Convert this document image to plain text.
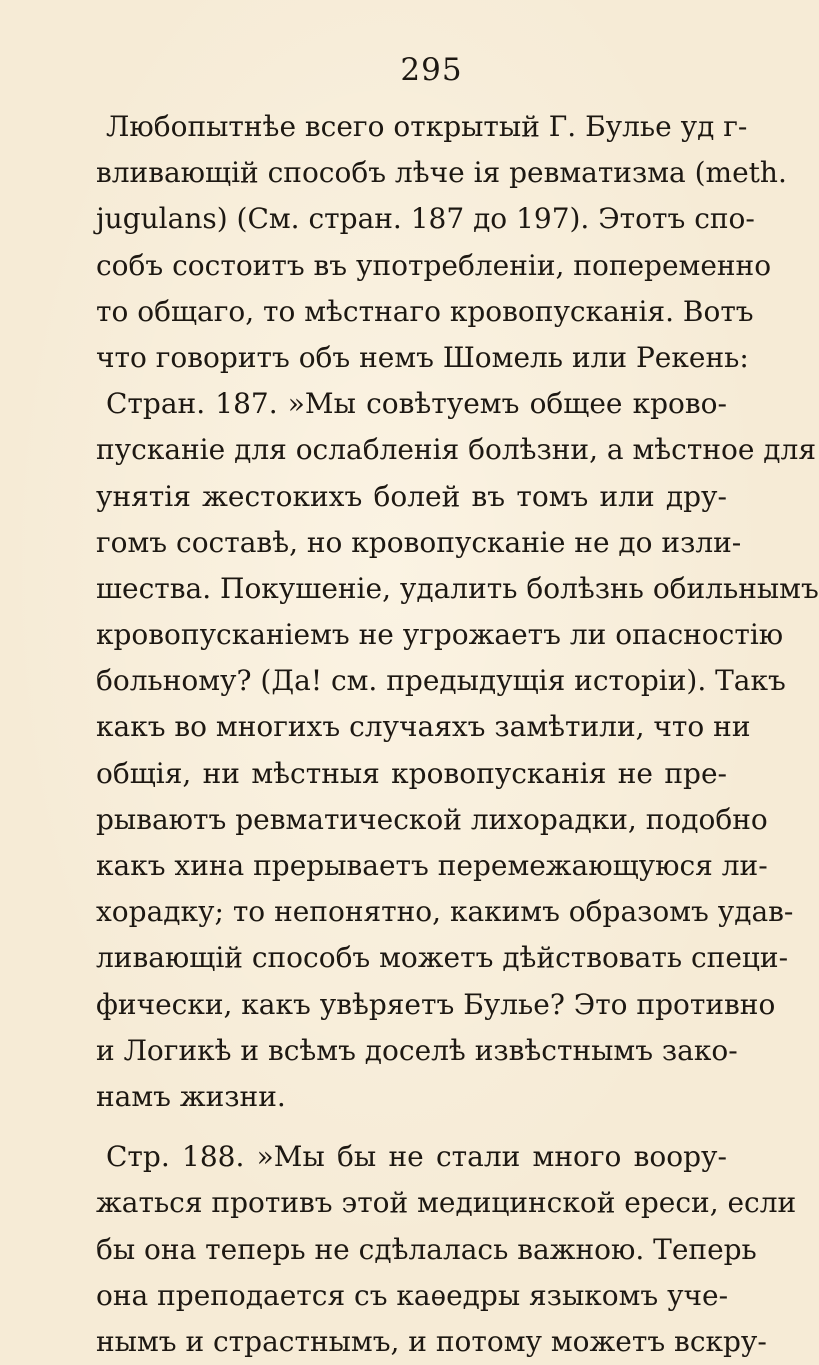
295
Любопытнѣе всего открытый Г. Булье уд г-
вливающій способъ лѣче ія ревматизма (meth.
jugulans) (См. стран. 187 до 197). Этотъ спо-
собъ состоитъ въ употребленіи, попеременно
то общаго, то мѣстнаго кровопусканія. Вотъ
что говоритъ объ немъ Шомель или Рекень:
Стран. 187. »Мы совѣтуемъ общее крово-
пусканіе для ослабленія болѣзни, а мѣстное для
унятія жестокихъ болей въ томъ или дру-
гомъ составѣ, но кровопусканіе не до изли-
шества. Покушеніе, удалить болѣзнь обильнымъ
кровопусканіемъ не угрожаетъ ли опасностію
больному? (Да! см. предыдущія исторіи). Такъ
какъ во многихъ случаяхъ замѣтили, что ни
общія, ни мѣстныя кровопусканія не пре-
рываютъ ревматической лихорадки, подобно
какъ хина прерываетъ перемежающуюся ли-
хорадку; то непонятно, какимъ образомъ удав-
ливающій способъ можетъ дѣйствовать специ-
фически, какъ увѣряетъ Булье? Это противно
и Логикѣ и всѣмъ доселѣ извѣстнымъ зако-
намъ жизни.
Стр. 188. »Мы бы не стали много воору-
жаться противъ этой медицинской ереси, если
бы она теперь не сдѣлалась важною. Теперь
она преподается съ каѳедры языкомъ уче-
нымъ и страстнымъ, и потому можетъ вскру-
